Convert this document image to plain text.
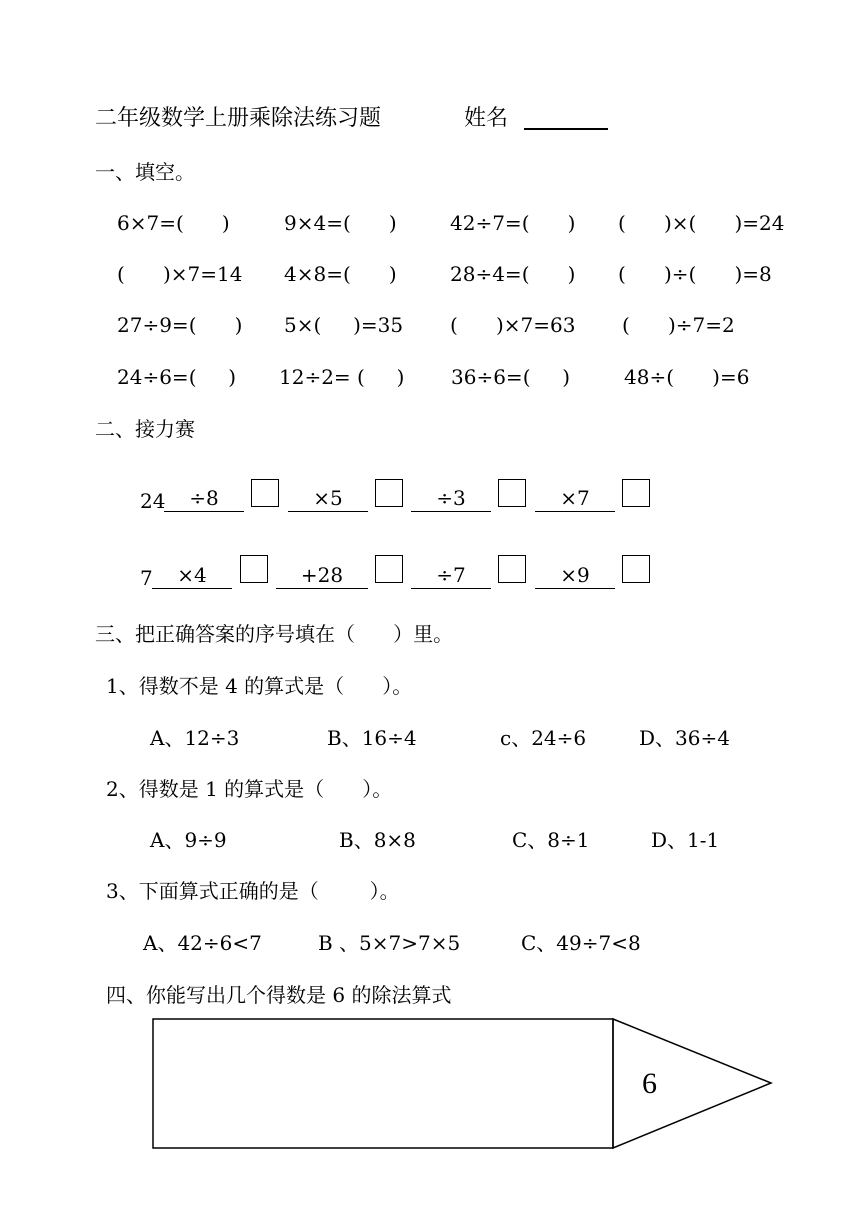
二年级数学上册乘除法练习题	姓名
一、填空。
6×7=(      )	9×4=(      )	42÷7=(      ) (      )×(      )=24
(      )×7=14 4×8=(      )	28÷4=(      ) (      )÷(      )=8
27÷9=(      ) 5×(     )=35 (      )×7=63 (      )÷7=2
24÷6=(     ) 12÷2= (     ) 36÷6=(     )	48÷(      )=6
二、接力赛
24	÷8	×5	÷3	×7
7	×4	+28	÷7	×9
三、把正确答案的序号填在（      ）里。
1、得数不是 4 的算式是（      ）。
A、12÷3	B、16÷4	c、24÷6	D、36÷4
2、得数是 1 的算式是（      ）。
A、9÷9	B、8×8	C、8÷1	D、1-1
3、下面算式正确的是（        ）。
A、42÷6<7	B 、5×7>7×5	C、49÷7<8
四、你能写出几个得数是 6 的除法算式
6
